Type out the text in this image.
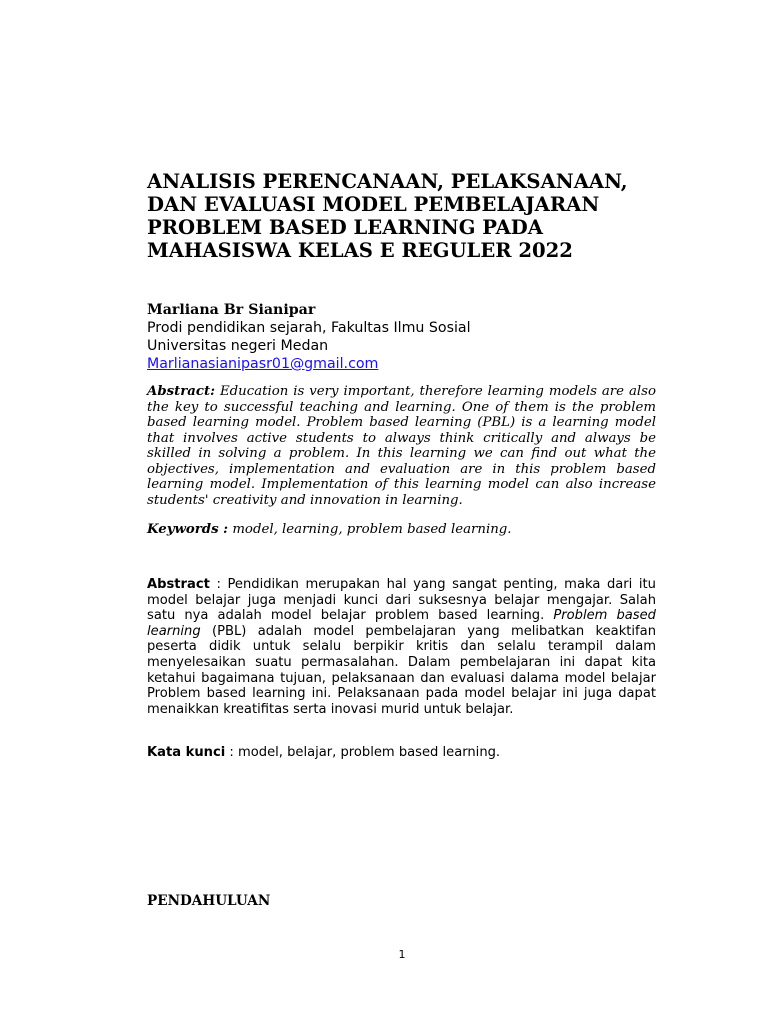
ANALISIS PERENCANAAN, PELAKSANAAN, DAN EVALUASI MODEL PEMBELAJARAN PROBLEM BASED LEARNING PADA MAHASISWA KELAS E REGULER 2022
Marliana Br Sianipar
Prodi pendidikan sejarah, Fakultas Ilmu Sosial
Universitas negeri Medan
Marlianasianipasr01@gmail.com

Abstract: Education is very important, therefore learning models are also the key to successful teaching and learning. One of them is the problem based learning model. Problem based learning (PBL) is a learning model that involves active students to always think critically and always be skilled in solving a problem. In this learning we can find out what the objectives, implementation and evaluation are in this problem based learning model. Implementation of this learning model can also increase students' creativity and innovation in learning.

Keywords : model, learning, problem based learning.

Abstract : Pendidikan merupakan hal yang sangat penting, maka dari itu model belajar juga menjadi kunci dari suksesnya belajar mengajar. Salah satu nya adalah model belajar problem based learning. Problem based learning (PBL) adalah model pembelajaran yang melibatkan keaktifan peserta didik untuk selalu berpikir kritis dan selalu terampil dalam menyelesaikan suatu permasalahan. Dalam pembelajaran ini dapat kita ketahui bagaimana tujuan, pelaksanaan dan evaluasi dalama model belajar Problem based learning ini. Pelaksanaan pada model belajar ini juga dapat menaikkan kreatifitas serta inovasi murid untuk belajar.

Kata kunci : model, belajar, problem based learning.

PENDAHULUAN
1
